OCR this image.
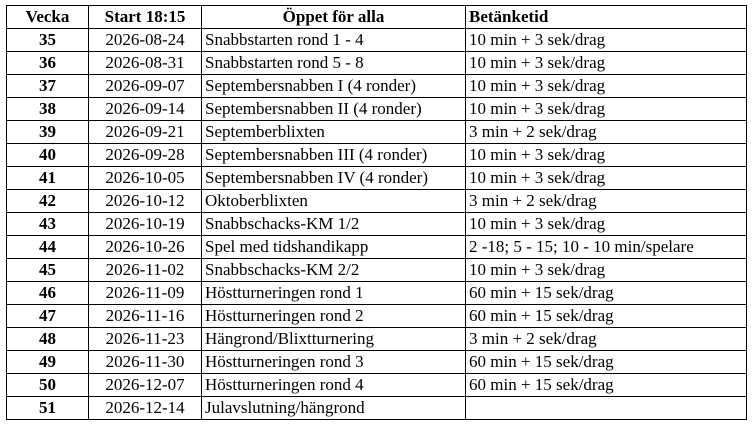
Vecka	Start 18:15	Öppet för alla	Betänketid
35	2026-08-24	Snabbstarten rond 1 - 4	10 min + 3 sek/drag
36	2026-08-31	Snabbstarten rond 5 - 8	10 min + 3 sek/drag
37	2026-09-07	Septembersnabben I (4 ronder)	10 min + 3 sek/drag
38	2026-09-14	Septembersnabben II (4 ronder)	10 min + 3 sek/drag
39	2026-09-21	Septemberblixten	3 min + 2 sek/drag
40	2026-09-28	Septembersnabben III (4 ronder)	10 min + 3 sek/drag
41	2026-10-05	Septembersnabben IV (4 ronder)	10 min + 3 sek/drag
42	2026-10-12	Oktoberblixten	3 min + 2 sek/drag
43	2026-10-19	Snabbschacks-KM 1/2	10 min + 3 sek/drag
44	2026-10-26	Spel med tidshandikapp	2 -18; 5 - 15; 10 - 10 min/spelare
45	2026-11-02	Snabbschacks-KM 2/2	10 min + 3 sek/drag
46	2026-11-09	Höstturneringen rond 1	60 min + 15 sek/drag
47	2026-11-16	Höstturneringen rond 2	60 min + 15 sek/drag
48	2026-11-23	Hängrond/Blixtturnering	3 min + 2 sek/drag
49	2026-11-30	Höstturneringen rond 3	60 min + 15 sek/drag
50	2026-12-07	Höstturneringen rond 4	60 min + 15 sek/drag
51	2026-12-14	Julavslutning/hängrond	
